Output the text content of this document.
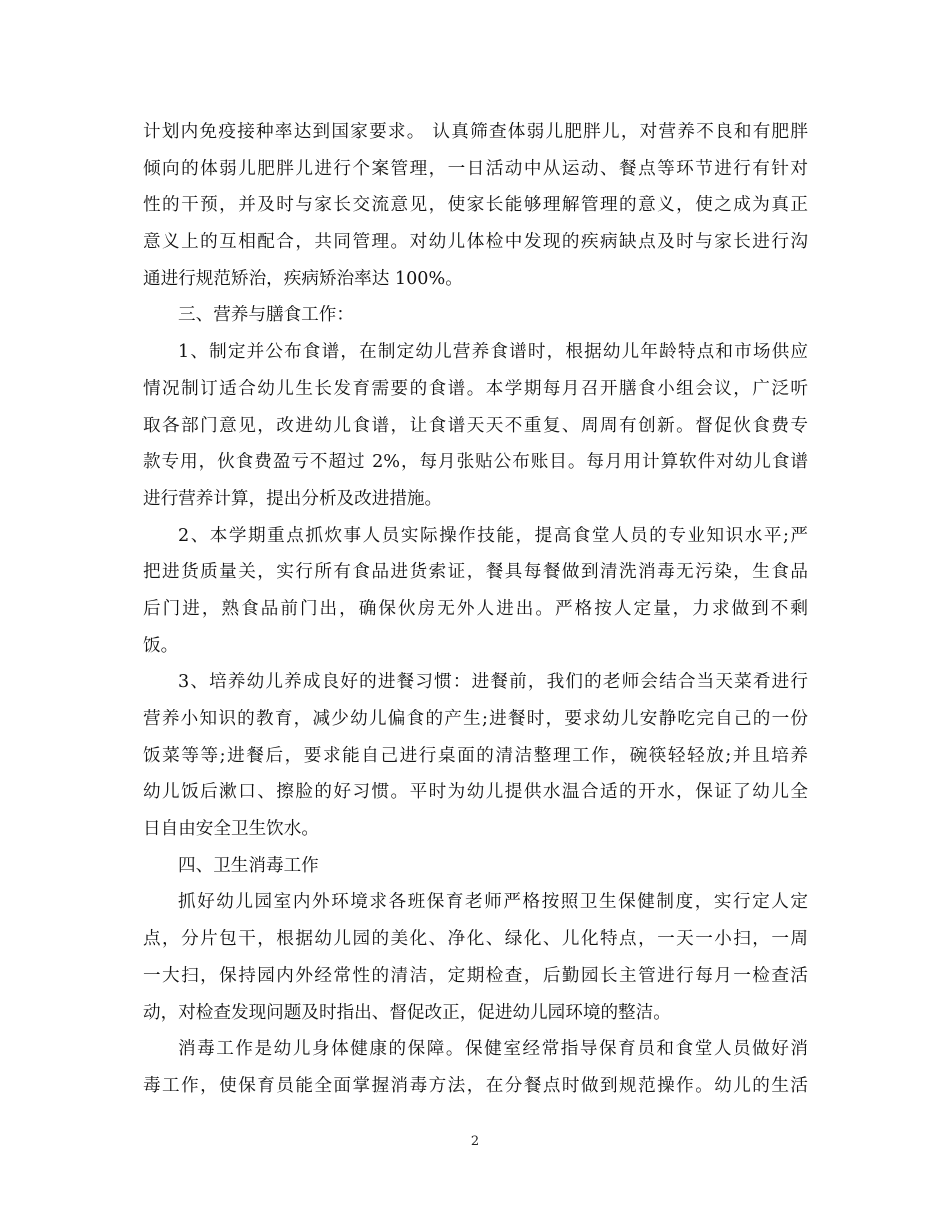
计划内免疫接种率达到国家要求。 认真筛查体弱儿肥胖儿，对营养不良和有肥胖
倾向的体弱儿肥胖儿进行个案管理，一日活动中从运动、餐点等环节进行有针对
性的干预，并及时与家长交流意见，使家长能够理解管理的意义，使之成为真正
意义上的互相配合，共同管理。对幼儿体检中发现的疾病缺点及时与家长进行沟
通进行规范矫治，疾病矫治率达 100%。
三、营养与膳食工作：
1、制定并公布食谱，在制定幼儿营养食谱时，根据幼儿年龄特点和市场供应
情况制订适合幼儿生长发育需要的食谱。本学期每月召开膳食小组会议，广泛听
取各部门意见，改进幼儿食谱，让食谱天天不重复、周周有创新。督促伙食费专
款专用，伙食费盈亏不超过 2%，每月张贴公布账目。每月用计算软件对幼儿食谱
进行营养计算，提出分析及改进措施。
2、本学期重点抓炊事人员实际操作技能，提高食堂人员的专业知识水平;严
把进货质量关，实行所有食品进货索证，餐具每餐做到清洗消毒无污染，生食品
后门进，熟食品前门出，确保伙房无外人进出。严格按人定量，力求做到不剩
饭。
3、培养幼儿养成良好的进餐习惯：进餐前，我们的老师会结合当天菜肴进行
营养小知识的教育，减少幼儿偏食的产生;进餐时，要求幼儿安静吃完自己的一份
饭菜等等;进餐后，要求能自己进行桌面的清洁整理工作，碗筷轻轻放;并且培养
幼儿饭后漱口、擦脸的好习惯。平时为幼儿提供水温合适的开水，保证了幼儿全
日自由安全卫生饮水。
四、卫生消毒工作
抓好幼儿园室内外环境求各班保育老师严格按照卫生保健制度，实行定人定
点，分片包干，根据幼儿园的美化、净化、绿化、儿化特点，一天一小扫，一周
一大扫，保持园内外经常性的清洁，定期检查，后勤园长主管进行每月一检查活
动，对检查发现问题及时指出、督促改正，促进幼儿园环境的整洁。
消毒工作是幼儿身体健康的保障。保健室经常指导保育员和食堂人员做好消
毒工作，使保育员能全面掌握消毒方法，在分餐点时做到规范操作。幼儿的生活
2
